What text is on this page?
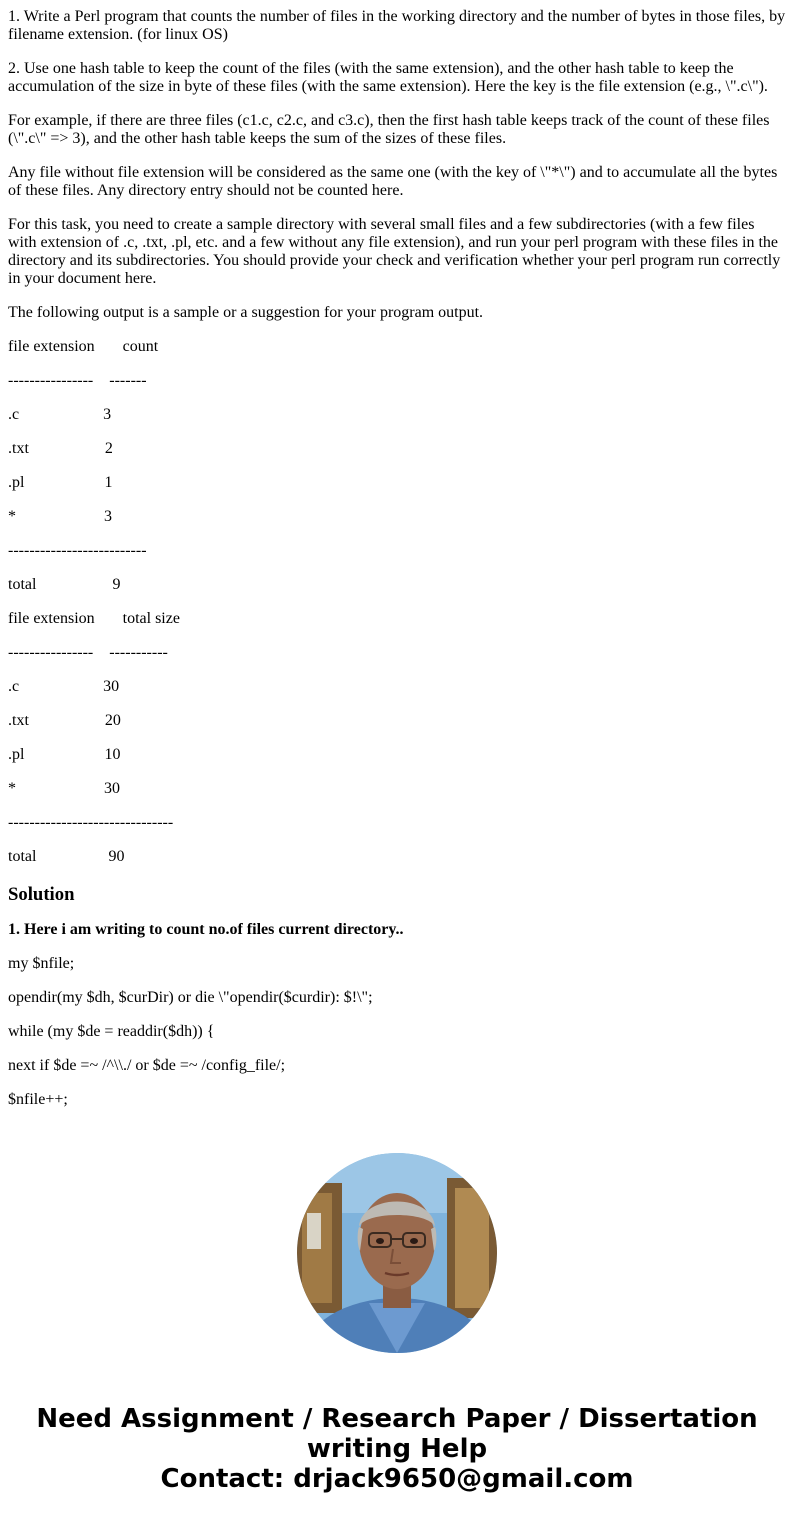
1. Write a Perl program that counts the number of files in the working directory and the number of bytes in those files, by filename extension. (for linux OS)

2. Use one hash table to keep the count of the files (with the same extension), and the other hash table to keep the accumulation of the size in byte of these files (with the same extension). Here the key is the file extension (e.g., \".c\").

For example, if there are three files (c1.c, c2.c, and c3.c), then the first hash table keeps track of the count of these files (\".c\" => 3), and the other hash table keeps the sum of the sizes of these files.

Any file without file extension will be considered as the same one (with the key of \"*\") and to accumulate all the bytes of these files. Any directory entry should not be counted here.

For this task, you need to create a sample directory with several small files and a few subdirectories (with a few files with extension of .c, .txt, .pl, etc. and a few without any file extension), and run your perl program with these files in the directory and its subdirectories. You should provide your check and verification whether your perl program run correctly in your document here.

The following output is a sample or a suggestion for your program output.

file extension       count
----------------    -------
.c                     3
.txt                   2
.pl                    1
*                      3
--------------------------
total                   9
file extension       total size
----------------    -----------
.c                     30
.txt                   20
.pl                    10
*                      30
-------------------------------
total                  90
Solution
1. Here i am writing to count no.of files current directory..
my $nfile;
opendir(my $dh, $curDir) or die \"opendir($curdir): $!\";
while (my $de = readdir($dh)) {
next if $de =~ /^\\./ or $de =~ /config_file/;
$nfile++;
Need Assignment / Research Paper / Dissertation
writing Help
Contact: drjack9650@gmail.com
